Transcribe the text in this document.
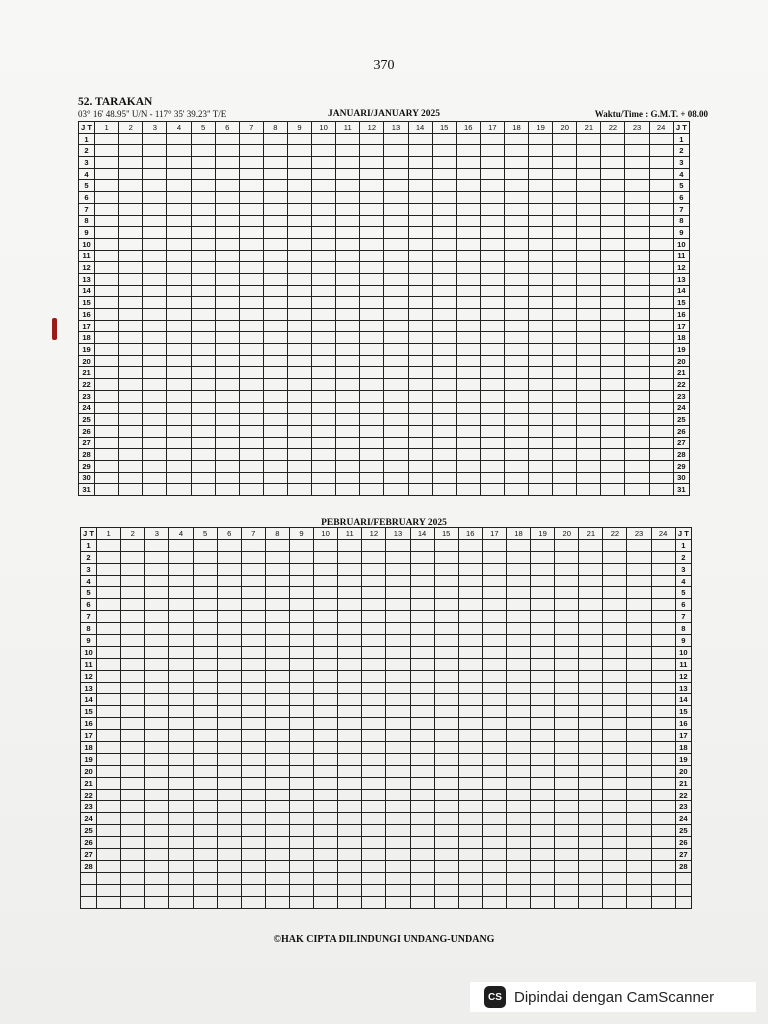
370
52. TARAKAN
03° 16' 48.95" U/N - 117° 35' 39.23" T/E	JANUARI/JANUARY 2025	Waktu/Time : G.M.T. + 08.00
J T	1	2	3	4	5	6	7	8	9	10	11	12	13	14	15	16	17	18	19	20	21	22	23	24	J T
1																									1
2																									2
3																									3
4																									4
5																									5
6																									6
7																									7
8																									8
9																									9
10																									10
11																									11
12																									12
13																									13
14																									14
15																									15
16																									16
17																									17
18																									18
19																									19
20																									20
21																									21
22																									22
23																									23
24																									24
25																									25
26																									26
27																									27
28																									28
29																									29
30																									30
31																									31
PEBRUARI/FEBRUARY 2025
J T	1	2	3	4	5	6	7	8	9	10	11	12	13	14	15	16	17	18	19	20	21	22	23	24	J T
1																									1
2																									2
3																									3
4																									4
5																									5
6																									6
7																									7
8																									8
9																									9
10																									10
11																									11
12																									12
13																									13
14																									14
15																									15
16																									16
17																									17
18																									18
19																									19
20																									20
21																									21
22																									22
23																									23
24																									24
25																									25
26																									26
27																									27
28																									28

©HAK CIPTA DILINDUNGI UNDANG-UNDANG
CS Dipindai dengan CamScanner
